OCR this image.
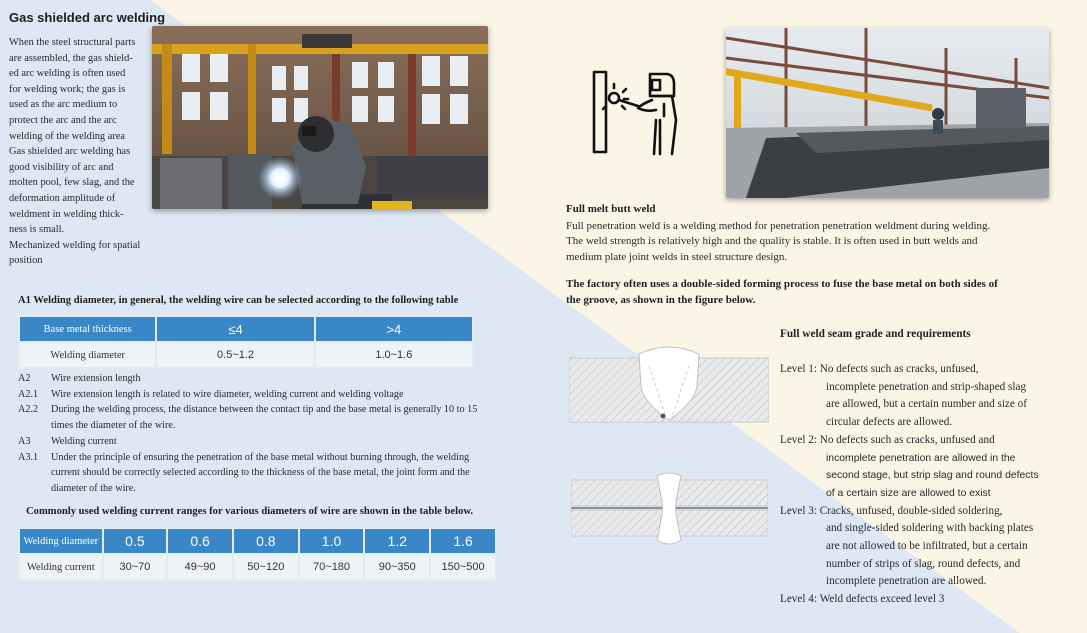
Gas shielded arc welding
When the steel structural parts
are assembled, the gas shield-
ed arc welding is often used
for welding work; the gas is
used as the arc medium to
protect the arc and the arc
welding of the welding area
Gas shielded arc welding has
good visibility of arc and
molten pool, few slag, and the
deformation amplitude of
weldment in welding thick-
ness is small.
Mechanized welding for spatial
position
A1 Welding diameter, in general, the welding wire can be selected according to the following table
Base metal thickness	≤4	>4
Welding diameter	0.5~1.2	1.0~1.6
A2	Wire extension length
A2.1	Wire extension length is related to wire diameter, welding current and welding voltage
A2.2	During the welding process, the distance between the contact tip and the base metal is generally 10 to 15 times the diameter of the wire.
A3	Welding current
A3.1	Under the principle of ensuring the penetration of the base metal without burning through, the welding current should be correctly selected according to the thickness of the base metal, the joint form and the diameter of the wire.
Commonly used welding current ranges for various diameters of wire are shown in the table below.
Welding diameter	0.5	0.6	0.8	1.0	1.2	1.6
Welding current	30~70	49~90	50~120	70~180	90~350	150~500
Full melt butt weld
Full penetration weld is a welding method for penetration penetration weldment during welding. The weld strength is relatively high and the quality is stable. It is often used in butt welds and medium plate joint welds in steel structure design.
The factory often uses a double-sided forming process to fuse the base metal on both sides of the groove, as shown in the figure below.
Full weld seam grade and requirements
Level 1:
No defects such as cracks, unfused,
incomplete penetration and strip-shaped slag are allowed, but a certain number and size of circular defects are allowed.
Level 2:
No defects such as cracks, unfused and
incomplete penetration are allowed in the second stage, but strip slag and round defects of a certain size are allowed to exist
Level 3:
Cracks, unfused, double-sided soldering,
and single-sided soldering with backing plates are not allowed to be infiltrated, but a certain number of strips of slag, round defects, and incomplete penetration are allowed.
Level 4:
Weld defects exceed level 3
